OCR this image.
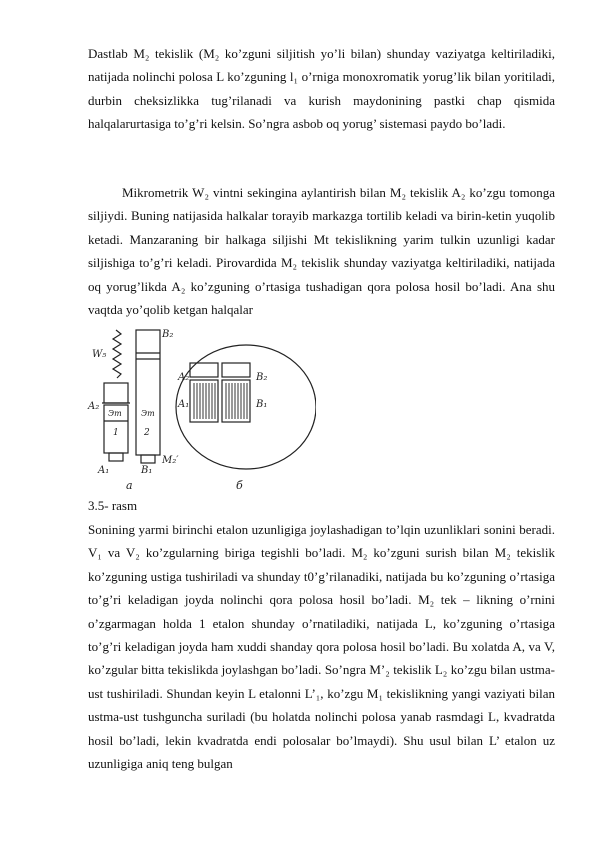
Dastlab M₂ tekislik (M₂ ko’zguni siljitish yo’li bilan) shunday vaziyatga keltiriladiki, natijada nolinchi polosa L ko’zguning l₁ o’rniga monoxromatik yorug’lik bilan yoritiladi, durbin cheksizlikka tug’rilanadi va kurish maydonining pastki chap qismida halqalarurtasiga to’g’ri kelsin. So’ngra asbob oq yorug’ sistemasi paydo bo’ladi.

Mikrometrik W₂ vintni sekingina aylantirish bilan M₂ tekislik A₂ ko’zgu tomonga siljiydi. Buning natijasida halkalar torayib markazga tortilib keladi va birin-ketin yuqolib ketadi. Manzaraning bir halkaga siljishi Mt tekislikning yarim tulkin uzunligi kadar siljishiga to’g’ri keladi. Pirovardida M₂ tekislik shunday vaziyatga keltiriladiki, natijada oq yorug’likda A₂ ko’zguning o’rtasiga tushadigan qora polosa hosil bo’ladi. Ana shu vaqtda yo’qolib ketgan halqalar

W₅
B₂
A₂
Эт
1
Эт
2
A₁	B₁
M₂′
а
A₂	B₂
A₁	B₁
б
3.5- rasm

Sonining yarmi birinchi etalon uzunligiga joylashadigan to’lqin uzunliklari sonini beradi. V₁ va V₂ ko’zgularning biriga tegishli bo’ladi. M₂ ko’zguni surish bilan M₂ tekislik ko’zguning ustiga tushiriladi va shunday t0’g’rilanadiki, natijada bu ko’zguning o’rtasiga to’g’ri keladigan joyda nolinchi qora polosa hosil bo’ladi. M₂ tek – likning o’rnini o’zgarmagan holda 1 etalon shunday o’rnatiladiki, natijada L, ko’zguning o’rtasiga to’g’ri keladigan joyda ham xuddi shanday qora polosa hosil bo’ladi. Bu xolatda A, va V, ko’zgular bitta tekislikda joylashgan bo’ladi. So’ngra M’₂ tekislik L₂ ko’zgu bilan ustma-ust tushiriladi. Shundan keyin L etalonni L’₁, ko’zgu M₁ tekislikning yangi vaziyati bilan ustma-ust tushguncha suriladi (bu holatda nolinchi polosa yanab rasmdagi L, kvadratda hosil bo’ladi, lekin kvadratda endi polosalar bo’lmaydi). Shu usul bilan L’ etalon uz uzunligiga aniq teng bulgan
